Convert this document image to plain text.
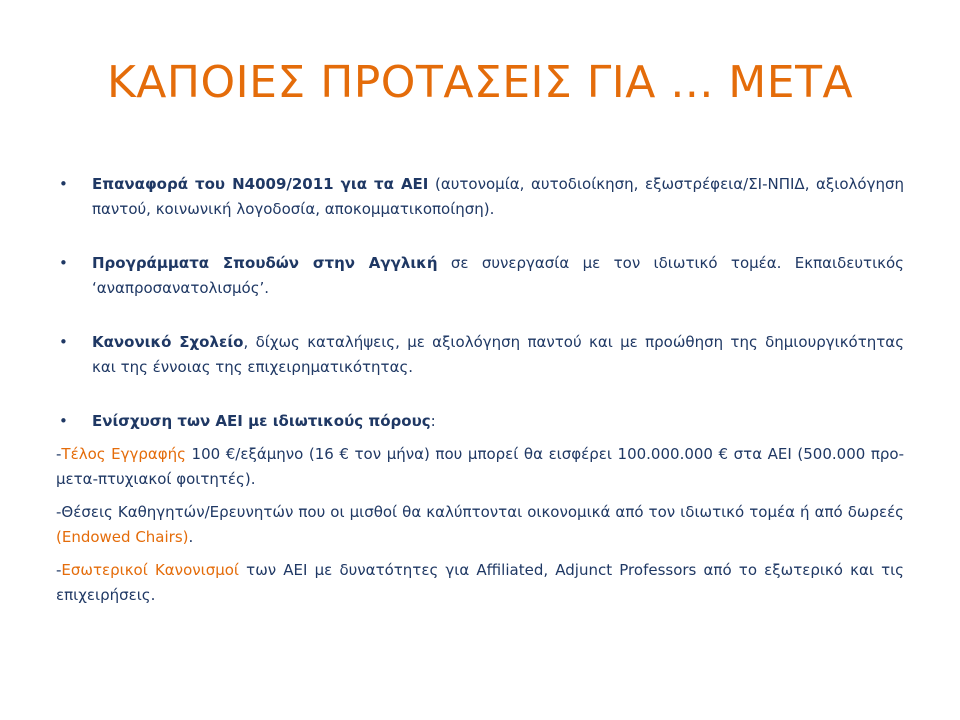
ΚΑΠΟΙΕΣ ΠΡΟΤΑΣΕΙΣ ΓΙΑ ... ΜΕΤΑ
• Επαναφορά του Ν4009/2011 για τα ΑΕΙ (αυτονομία, αυτοδιοίκηση, εξωστρέφεια/ΣΙ-ΝΠΙΔ, αξιολόγηση παντού, κοινωνική λογοδοσία, αποκομματικοποίηση).
• Προγράμματα Σπουδών στην Αγγλική σε συνεργασία με τον ιδιωτικό τομέα. Εκπαιδευτικός ‘αναπροσανατολισμός’.
• Κανονικό Σχολείο, δίχως καταλήψεις, με αξιολόγηση παντού και με προώθηση της δημιουργικότητας και της έννοιας της επιχειρηματικότητας.
• Ενίσχυση των ΑΕΙ με ιδιωτικούς πόρους:
-Τέλος Εγγραφής 100 €/εξάμηνο (16 € τον μήνα) που μπορεί θα εισφέρει 100.000.000 € στα ΑΕΙ (500.000 προ-μετα-πτυχιακοί φοιτητές).
-Θέσεις Καθηγητών/Ερευνητών που οι μισθοί θα καλύπτονται οικονομικά από τον ιδιωτικό τομέα ή από δωρεές (Endowed Chairs).
-Εσωτερικοί Κανονισμοί των ΑΕΙ με δυνατότητες για Affiliated, Adjunct Professors από το εξωτερικό και τις επιχειρήσεις.
